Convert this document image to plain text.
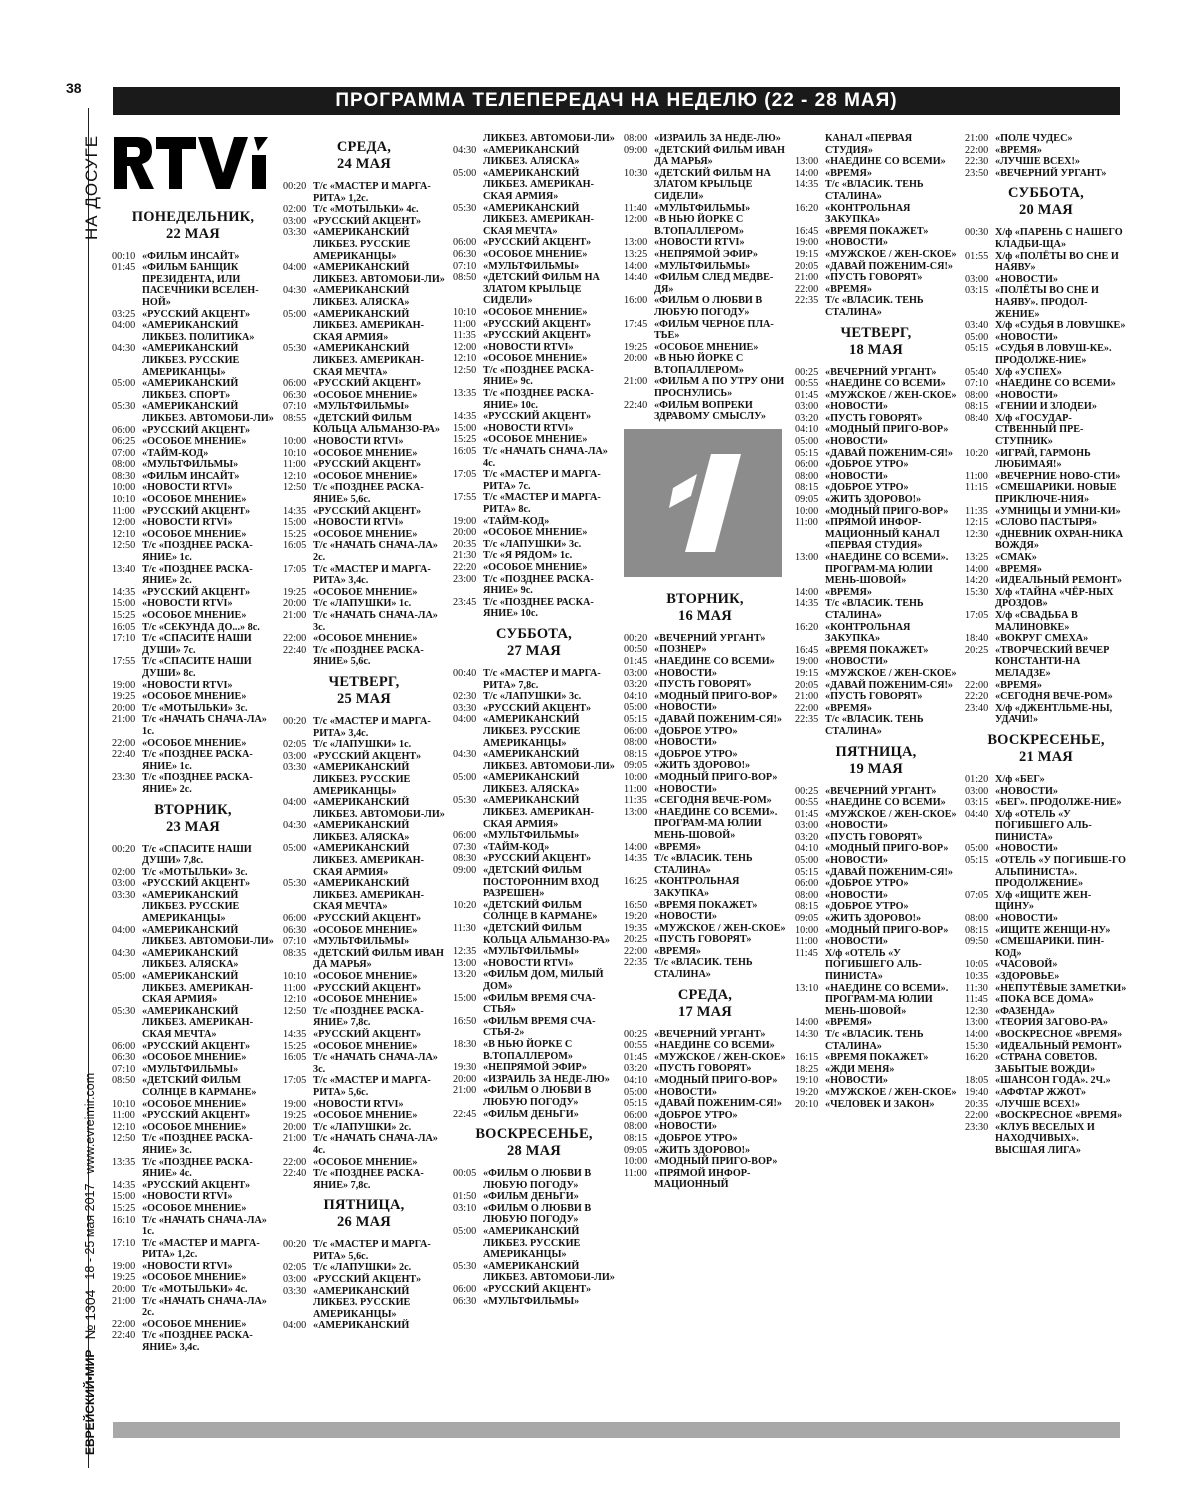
38
НА ДОСУГЕ
ЕВРЕЙСКИЙ•МИР
№ 1304
18 - 25 мая 2017
www.evreimir.com
ПРОГРАММА ТЕЛЕПЕРЕДАЧ НА НЕДЕЛЮ (22 - 28 МАЯ)
ПОНЕДЕЛЬНИК,
22 МАЯ
00:10 «ФИЛЬМ ИНСАЙТ»
01:45 «ФИЛЬМ БАНЩИК ПРЕЗИДЕНТА, ИЛИ ПАСЕЧНИКИ ВСЕЛЕН-НОЙ»
03:25 «РУССКИЙ АКЦЕНТ»
04:00 «АМЕРИКАНСКИЙ ЛИКБЕЗ. ПОЛИТИКА»
04:30 «АМЕРИКАНСКИЙ ЛИКБЕЗ. РУССКИЕ АМЕРИКАНЦЫ»
05:00 «АМЕРИКАНСКИЙ ЛИКБЕЗ. СПОРТ»
05:30 «АМЕРИКАНСКИЙ ЛИКБЕЗ. АВТОМОБИ-ЛИ»
06:00 «РУССКИЙ АКЦЕНТ»
06:25 «ОСОБОЕ МНЕНИЕ»
07:00 «ТАЙМ-КОД»
08:00 «МУЛЬТФИЛЬМЫ»
08:30 «ФИЛЬМ ИНСАЙТ»
10:00 «НОВОСТИ RTVI»
10:10 «ОСОБОЕ МНЕНИЕ»
11:00 «РУССКИЙ АКЦЕНТ»
12:00 «НОВОСТИ RTVI»
12:10 «ОСОБОЕ МНЕНИЕ»
12:50 Т/с «ПОЗДНЕЕ РАСКА-ЯНИЕ» 1с.
13:40 Т/с «ПОЗДНЕЕ РАСКА-ЯНИЕ» 2с.
14:35 «РУССКИЙ АКЦЕНТ»
15:00 «НОВОСТИ RTVI»
15:25 «ОСОБОЕ МНЕНИЕ»
16:05 Т/с «СЕКУНДА ДО...» 8с.
17:10 Т/с «СПАСИТЕ НАШИ ДУШИ» 7с.
17:55 Т/с «СПАСИТЕ НАШИ ДУШИ» 8с.
19:00 «НОВОСТИ RTVI»
19:25 «ОСОБОЕ МНЕНИЕ»
20:00 Т/с «МОТЫЛЬКИ» 3с.
21:00 Т/с «НАЧАТЬ СНАЧА-ЛА» 1с.
22:00 «ОСОБОЕ МНЕНИЕ»
22:40 Т/с «ПОЗДНЕЕ РАСКА-ЯНИЕ» 1с.
23:30 Т/с «ПОЗДНЕЕ РАСКА-ЯНИЕ» 2с.
ВТОРНИК,
23 МАЯ
00:20 Т/с «СПАСИТЕ НАШИ ДУШИ» 7,8с.
02:00 Т/с «МОТЫЛЬКИ» 3с.
03:00 «РУССКИЙ АКЦЕНТ»
03:30 «АМЕРИКАНСКИЙ ЛИКБЕЗ. РУССКИЕ АМЕРИКАНЦЫ»
04:00 «АМЕРИКАНСКИЙ ЛИКБЕЗ. АВТОМОБИ-ЛИ»
04:30 «АМЕРИКАНСКИЙ ЛИКБЕЗ. АЛЯСКА»
05:00 «АМЕРИКАНСКИЙ ЛИКБЕЗ. АМЕРИКАН-СКАЯ АРМИЯ»
05:30 «АМЕРИКАНСКИЙ ЛИКБЕЗ. АМЕРИКАН-СКАЯ МЕЧТА»
06:00 «РУССКИЙ АКЦЕНТ»
06:30 «ОСОБОЕ МНЕНИЕ»
07:10 «МУЛЬТФИЛЬМЫ»
08:50 «ДЕТСКИЙ ФИЛЬМ СОЛНЦЕ В КАРМАНЕ»
10:10 «ОСОБОЕ МНЕНИЕ»
11:00 «РУССКИЙ АКЦЕНТ»
12:10 «ОСОБОЕ МНЕНИЕ»
12:50 Т/с «ПОЗДНЕЕ РАСКА-ЯНИЕ» 3с.
13:35 Т/с «ПОЗДНЕЕ РАСКА-ЯНИЕ» 4с.
14:35 «РУССКИЙ АКЦЕНТ»
15:00 «НОВОСТИ RTVI»
15:25 «ОСОБОЕ МНЕНИЕ»
16:10 Т/с «НАЧАТЬ СНАЧА-ЛА» 1с.
17:10 Т/с «МАСТЕР И МАРГА-РИТА» 1,2с.
19:00 «НОВОСТИ RTVI»
19:25 «ОСОБОЕ МНЕНИЕ»
20:00 Т/с «МОТЫЛЬКИ» 4с.
21:00 Т/с «НАЧАТЬ СНАЧА-ЛА» 2с.
22:00 «ОСОБОЕ МНЕНИЕ»
22:40 Т/с «ПОЗДНЕЕ РАСКА-ЯНИЕ» 3,4с.
СРЕДА,
24 МАЯ
00:20 Т/с «МАСТЕР И МАРГА-РИТА» 1,2с.
02:00 Т/с «МОТЫЛЬКИ» 4с.
03:00 «РУССКИЙ АКЦЕНТ»
03:30 «АМЕРИКАНСКИЙ ЛИКБЕЗ. РУССКИЕ АМЕРИКАНЦЫ»
04:00 «АМЕРИКАНСКИЙ ЛИКБЕЗ. АВТОМОБИ-ЛИ»
04:30 «АМЕРИКАНСКИЙ ЛИКБЕЗ. АЛЯСКА»
05:00 «АМЕРИКАНСКИЙ ЛИКБЕЗ. АМЕРИКАН-СКАЯ АРМИЯ»
05:30 «АМЕРИКАНСКИЙ ЛИКБЕЗ. АМЕРИКАН-СКАЯ МЕЧТА»
06:00 «РУССКИЙ АКЦЕНТ»
06:30 «ОСОБОЕ МНЕНИЕ»
07:10 «МУЛЬТФИЛЬМЫ»
08:55 «ДЕТСКИЙ ФИЛЬМ КОЛЬЦА АЛЬМАНЗО-РА»
10:00 «НОВОСТИ RTVI»
10:10 «ОСОБОЕ МНЕНИЕ»
11:00 «РУССКИЙ АКЦЕНТ»
12:10 «ОСОБОЕ МНЕНИЕ»
12:50 Т/с «ПОЗДНЕЕ РАСКА-ЯНИЕ» 5,6с.
14:35 «РУССКИЙ АКЦЕНТ»
15:00 «НОВОСТИ RTVI»
15:25 «ОСОБОЕ МНЕНИЕ»
16:05 Т/с «НАЧАТЬ СНАЧА-ЛА» 2с.
17:05 Т/с «МАСТЕР И МАРГА-РИТА» 3,4с.
19:25 «ОСОБОЕ МНЕНИЕ»
20:00 Т/с «ЛАПУШКИ» 1с.
21:00 Т/с «НАЧАТЬ СНАЧА-ЛА» 3с.
22:00 «ОСОБОЕ МНЕНИЕ»
22:40 Т/с «ПОЗДНЕЕ РАСКА-ЯНИЕ» 5,6с.
ЧЕТВЕРГ,
25 МАЯ
00:20 Т/с «МАСТЕР И МАРГА-РИТА» 3,4с.
02:05 Т/с «ЛАПУШКИ» 1с.
03:00 «РУССКИЙ АКЦЕНТ»
03:30 «АМЕРИКАНСКИЙ ЛИКБЕЗ. РУССКИЕ АМЕРИКАНЦЫ»
04:00 «АМЕРИКАНСКИЙ ЛИКБЕЗ. АВТОМОБИ-ЛИ»
04:30 «АМЕРИКАНСКИЙ ЛИКБЕЗ. АЛЯСКА»
05:00 «АМЕРИКАНСКИЙ ЛИКБЕЗ. АМЕРИКАН-СКАЯ АРМИЯ»
05:30 «АМЕРИКАНСКИЙ ЛИКБЕЗ. АМЕРИКАН-СКАЯ МЕЧТА»
06:00 «РУССКИЙ АКЦЕНТ»
06:30 «ОСОБОЕ МНЕНИЕ»
07:10 «МУЛЬТФИЛЬМЫ»
08:35 «ДЕТСКИЙ ФИЛЬМ ИВАН ДА МАРЬЯ»
10:10 «ОСОБОЕ МНЕНИЕ»
11:00 «РУССКИЙ АКЦЕНТ»
12:10 «ОСОБОЕ МНЕНИЕ»
12:50 Т/с «ПОЗДНЕЕ РАСКА-ЯНИЕ» 7,8с.
14:35 «РУССКИЙ АКЦЕНТ»
15:25 «ОСОБОЕ МНЕНИЕ»
16:05 Т/с «НАЧАТЬ СНАЧА-ЛА» 3с.
17:05 Т/с «МАСТЕР И МАРГА-РИТА» 5,6с.
19:00 «НОВОСТИ RTVI»
19:25 «ОСОБОЕ МНЕНИЕ»
20:00 Т/с «ЛАПУШКИ» 2с.
21:00 Т/с «НАЧАТЬ СНАЧА-ЛА» 4с.
22:00 «ОСОБОЕ МНЕНИЕ»
22:40 Т/с «ПОЗДНЕЕ РАСКА-ЯНИЕ» 7,8с.
ПЯТНИЦА,
26 МАЯ
00:20 Т/с «МАСТЕР И МАРГА-РИТА» 5,6с.
02:05 Т/с «ЛАПУШКИ» 2с.
03:00 «РУССКИЙ АКЦЕНТ»
03:30 «АМЕРИКАНСКИЙ ЛИКБЕЗ. РУССКИЕ АМЕРИКАНЦЫ»
04:00 «АМЕРИКАНСКИЙ
ЛИКБЕЗ. АВТОМОБИ-ЛИ»
04:30 «АМЕРИКАНСКИЙ ЛИКБЕЗ. АЛЯСКА»
05:00 «АМЕРИКАНСКИЙ ЛИКБЕЗ. АМЕРИКАН-СКАЯ АРМИЯ»
05:30 «АМЕРИКАНСКИЙ ЛИКБЕЗ. АМЕРИКАН-СКАЯ МЕЧТА»
06:00 «РУССКИЙ АКЦЕНТ»
06:30 «ОСОБОЕ МНЕНИЕ»
07:10 «МУЛЬТФИЛЬМЫ»
08:50 «ДЕТСКИЙ ФИЛЬМ НА ЗЛАТОМ КРЫЛЬЦЕ СИДЕЛИ»
10:10 «ОСОБОЕ МНЕНИЕ»
11:00 «РУССКИЙ АКЦЕНТ»
11:35 «РУССКИЙ АКЦЕНТ»
12:00 «НОВОСТИ RTVI»
12:10 «ОСОБОЕ МНЕНИЕ»
12:50 Т/с «ПОЗДНЕЕ РАСКА-ЯНИЕ» 9с.
13:35 Т/с «ПОЗДНЕЕ РАСКА-ЯНИЕ» 10с.
14:35 «РУССКИЙ АКЦЕНТ»
15:00 «НОВОСТИ RTVI»
15:25 «ОСОБОЕ МНЕНИЕ»
16:05 Т/с «НАЧАТЬ СНАЧА-ЛА» 4с.
17:05 Т/с «МАСТЕР И МАРГА-РИТА» 7с.
17:55 Т/с «МАСТЕР И МАРГА-РИТА» 8с.
19:00 «ТАЙМ-КОД»
20:00 «ОСОБОЕ МНЕНИЕ»
20:35 Т/с «ЛАПУШКИ» 3с.
21:30 Т/с «Я РЯДОМ» 1с.
22:20 «ОСОБОЕ МНЕНИЕ»
23:00 Т/с «ПОЗДНЕЕ РАСКА-ЯНИЕ» 9с.
23:45 Т/с «ПОЗДНЕЕ РАСКА-ЯНИЕ» 10с.
СУББОТА,
27 МАЯ
00:40 Т/с «МАСТЕР И МАРГА-РИТА» 7,8с.
02:30 Т/с «ЛАПУШКИ» 3с.
03:30 «РУССКИЙ АКЦЕНТ»
04:00 «АМЕРИКАНСКИЙ ЛИКБЕЗ. РУССКИЕ АМЕРИКАНЦЫ»
04:30 «АМЕРИКАНСКИЙ ЛИКБЕЗ. АВТОМОБИ-ЛИ»
05:00 «АМЕРИКАНСКИЙ ЛИКБЕЗ. АЛЯСКА»
05:30 «АМЕРИКАНСКИЙ ЛИКБЕЗ. АМЕРИКАН-СКАЯ АРМИЯ»
06:00 «МУЛЬТФИЛЬМЫ»
07:30 «ТАЙМ-КОД»
08:30 «РУССКИЙ АКЦЕНТ»
09:00 «ДЕТСКИЙ ФИЛЬМ ПОСТОРОННИМ ВХОД РАЗРЕШЕН»
10:20 «ДЕТСКИЙ ФИЛЬМ СОЛНЦЕ В КАРМАНЕ»
11:30 «ДЕТСКИЙ ФИЛЬМ КОЛЬЦА АЛЬМАНЗО-РА»
12:35 «МУЛЬТФИЛЬМЫ»
13:00 «НОВОСТИ RTVI»
13:20 «ФИЛЬМ ДОМ, МИЛЫЙ ДОМ»
15:00 «ФИЛЬМ ВРЕМЯ СЧА-СТЬЯ»
16:50 «ФИЛЬМ ВРЕМЯ СЧА-СТЬЯ-2»
18:30 «В НЬЮ ЙОРКЕ С В.ТОПАЛЛЕРОМ»
19:30 «НЕПРЯМОЙ ЭФИР»
20:00 «ИЗРАИЛЬ ЗА НЕДЕ-ЛЮ»
21:00 «ФИЛЬМ О ЛЮБВИ В ЛЮБУЮ ПОГОДУ»
22:45 «ФИЛЬМ ДЕНЬГИ»
ВОСКРЕСЕНЬЕ,
28 МАЯ
00:05 «ФИЛЬМ О ЛЮБВИ В ЛЮБУЮ ПОГОДУ»
01:50 «ФИЛЬМ ДЕНЬГИ»
03:10 «ФИЛЬМ О ЛЮБВИ В ЛЮБУЮ ПОГОДУ»
05:00 «АМЕРИКАНСКИЙ ЛИКБЕЗ. РУССКИЕ АМЕРИКАНЦЫ»
05:30 «АМЕРИКАНСКИЙ ЛИКБЕЗ. АВТОМОБИ-ЛИ»
06:00 «РУССКИЙ АКЦЕНТ»
06:30 «МУЛЬТФИЛЬМЫ»
08:00 «ИЗРАИЛЬ ЗА НЕДЕ-ЛЮ»
09:00 «ДЕТСКИЙ ФИЛЬМ ИВАН ДА МАРЬЯ»
10:30 «ДЕТСКИЙ ФИЛЬМ НА ЗЛАТОМ КРЫЛЬЦЕ СИДЕЛИ»
11:40 «МУЛЬТФИЛЬМЫ»
12:00 «В НЬЮ ЙОРКЕ С В.ТОПАЛЛЕРОМ»
13:00 «НОВОСТИ RTVI»
13:25 «НЕПРЯМОЙ ЭФИР»
14:00 «МУЛЬТФИЛЬМЫ»
14:40 «ФИЛЬМ СЛЕД МЕДВЕ-ДЯ»
16:00 «ФИЛЬМ О ЛЮБВИ В ЛЮБУЮ ПОГОДУ»
17:45 «ФИЛЬМ ЧЕРНОЕ ПЛА-ТЬЕ»
19:25 «ОСОБОЕ МНЕНИЕ»
20:00 «В НЬЮ ЙОРКЕ С В.ТОПАЛЛЕРОМ»
21:00 «ФИЛЬМ А ПО УТРУ ОНИ ПРОСНУЛИСЬ»
22:40 «ФИЛЬМ ВОПРЕКИ ЗДРАВОМУ СМЫСЛУ»
ВТОРНИК,
16 МАЯ
00:20 «ВЕЧЕРНИЙ УРГАНТ»
00:50 «ПОЗНЕР»
01:45 «НАЕДИНЕ СО ВСЕМИ»
03:00 «НОВОСТИ»
03:20 «ПУСТЬ ГОВОРЯТ»
04:10 «МОДНЫЙ ПРИГО-ВОР»
05:00 «НОВОСТИ»
05:15 «ДАВАЙ ПОЖЕНИМ-СЯ!»
06:00 «ДОБРОЕ УТРО»
08:00 «НОВОСТИ»
08:15 «ДОБРОЕ УТРО»
09:05 «ЖИТЬ ЗДОРОВО!»
10:00 «МОДНЫЙ ПРИГО-ВОР»
11:00 «НОВОСТИ»
11:35 «СЕГОДНЯ ВЕЧЕ-РОМ»
13:00 «НАЕДИНЕ СО ВСЕМИ». ПРОГРАМ-МА ЮЛИИ МЕНЬ-ШОВОЙ»
14:00 «ВРЕМЯ»
14:35 Т/с «ВЛАСИК. ТЕНЬ СТАЛИНА»
16:25 «КОНТРОЛЬНАЯ ЗАКУПКА»
16:50 «ВРЕМЯ ПОКАЖЕТ»
19:20 «НОВОСТИ»
19:35 «МУЖСКОЕ / ЖЕН-СКОЕ»
20:25 «ПУСТЬ ГОВОРЯТ»
22:00 «ВРЕМЯ»
22:35 Т/с «ВЛАСИК. ТЕНЬ СТАЛИНА»
СРЕДА,
17 МАЯ
00:25 «ВЕЧЕРНИЙ УРГАНТ»
00:55 «НАЕДИНЕ СО ВСЕМИ»
01:45 «МУЖСКОЕ / ЖЕН-СКОЕ»
03:20 «ПУСТЬ ГОВОРЯТ»
04:10 «МОДНЫЙ ПРИГО-ВОР»
05:00 «НОВОСТИ»
05:15 «ДАВАЙ ПОЖЕНИМ-СЯ!»
06:00 «ДОБРОЕ УТРО»
08:00 «НОВОСТИ»
08:15 «ДОБРОЕ УТРО»
09:05 «ЖИТЬ ЗДОРОВО!»
10:00 «МОДНЫЙ ПРИГО-ВОР»
11:00 «ПРЯМОЙ ИНФОР-МАЦИОННЫЙ
КАНАЛ «ПЕРВАЯ СТУДИЯ»
13:00 «НАЕДИНЕ СО ВСЕМИ»
14:00 «ВРЕМЯ»
14:35 Т/с «ВЛАСИК. ТЕНЬ СТАЛИНА»
16:20 «КОНТРОЛЬНАЯ ЗАКУПКА»
16:45 «ВРЕМЯ ПОКАЖЕТ»
19:00 «НОВОСТИ»
19:15 «МУЖСКОЕ / ЖЕН-СКОЕ»
20:05 «ДАВАЙ ПОЖЕНИМ-СЯ!»
21:00 «ПУСТЬ ГОВОРЯТ»
22:00 «ВРЕМЯ»
22:35 Т/с «ВЛАСИК. ТЕНЬ СТАЛИНА»
ЧЕТВЕРГ,
18 МАЯ
00:25 «ВЕЧЕРНИЙ УРГАНТ»
00:55 «НАЕДИНЕ СО ВСЕМИ»
01:45 «МУЖСКОЕ / ЖЕН-СКОЕ»
03:00 «НОВОСТИ»
03:20 «ПУСТЬ ГОВОРЯТ»
04:10 «МОДНЫЙ ПРИГО-ВОР»
05:00 «НОВОСТИ»
05:15 «ДАВАЙ ПОЖЕНИМ-СЯ!»
06:00 «ДОБРОЕ УТРО»
08:00 «НОВОСТИ»
08:15 «ДОБРОЕ УТРО»
09:05 «ЖИТЬ ЗДОРОВО!»
10:00 «МОДНЫЙ ПРИГО-ВОР»
11:00 «ПРЯМОЙ ИНФОР-МАЦИОННЫЙ КАНАЛ «ПЕРВАЯ СТУДИЯ»
13:00 «НАЕДИНЕ СО ВСЕМИ». ПРОГРАМ-МА ЮЛИИ МЕНЬ-ШОВОЙ»
14:00 «ВРЕМЯ»
14:35 Т/с «ВЛАСИК. ТЕНЬ СТАЛИНА»
16:20 «КОНТРОЛЬНАЯ ЗАКУПКА»
16:45 «ВРЕМЯ ПОКАЖЕТ»
19:00 «НОВОСТИ»
19:15 «МУЖСКОЕ / ЖЕН-СКОЕ»
20:05 «ДАВАЙ ПОЖЕНИМ-СЯ!»
21:00 «ПУСТЬ ГОВОРЯТ»
22:00 «ВРЕМЯ»
22:35 Т/с «ВЛАСИК. ТЕНЬ СТАЛИНА»
ПЯТНИЦА,
19 МАЯ
00:25 «ВЕЧЕРНИЙ УРГАНТ»
00:55 «НАЕДИНЕ СО ВСЕМИ»
01:45 «МУЖСКОЕ / ЖЕН-СКОЕ»
03:00 «НОВОСТИ»
03:20 «ПУСТЬ ГОВОРЯТ»
04:10 «МОДНЫЙ ПРИГО-ВОР»
05:00 «НОВОСТИ»
05:15 «ДАВАЙ ПОЖЕНИМ-СЯ!»
06:00 «ДОБРОЕ УТРО»
08:00 «НОВОСТИ»
08:15 «ДОБРОЕ УТРО»
09:05 «ЖИТЬ ЗДОРОВО!»
10:00 «МОДНЫЙ ПРИГО-ВОР»
11:00 «НОВОСТИ»
11:45 Х/ф «ОТЕЛЬ «У ПОГИБШЕГО АЛЬ-ПИНИСТА»
13:10 «НАЕДИНЕ СО ВСЕМИ». ПРОГРАМ-МА ЮЛИИ МЕНЬ-ШОВОЙ»
14:00 «ВРЕМЯ»
14:30 Т/с «ВЛАСИК. ТЕНЬ СТАЛИНА»
16:15 «ВРЕМЯ ПОКАЖЕТ»
18:25 «ЖДИ МЕНЯ»
19:10 «НОВОСТИ»
19:20 «МУЖСКОЕ / ЖЕН-СКОЕ»
20:10 «ЧЕЛОВЕК И ЗАКОН»
21:00 «ПОЛЕ ЧУДЕС»
22:00 «ВРЕМЯ»
22:30 «ЛУЧШЕ ВСЕХ!»
23:50 «ВЕЧЕРНИЙ УРГАНТ»
СУББОТА,
20 МАЯ
00:30 Х/ф «ПАРЕНЬ С НАШЕГО КЛАДБИ-ЩА»
01:55 Х/ф «ПОЛЁТЫ ВО СНЕ И НАЯВУ»
03:00 «НОВОСТИ»
03:15 «ПОЛЁТЫ ВО СНЕ И НАЯВУ». ПРОДОЛ-ЖЕНИЕ»
03:40 Х/ф «СУДЬЯ В ЛОВУШКЕ»
05:00 «НОВОСТИ»
05:15 «СУДЬЯ В ЛОВУШ-КЕ». ПРОДОЛЖЕ-НИЕ»
05:40 Х/ф «УСПЕХ»
07:10 «НАЕДИНЕ СО ВСЕМИ»
08:00 «НОВОСТИ»
08:15 «ГЕНИИ И ЗЛОДЕИ»
08:40 Х/ф «ГОСУДАР-СТВЕННЫЙ ПРЕ-СТУПНИК»
10:20 «ИГРАЙ, ГАРМОНЬ ЛЮБИМАЯ!»
11:00 «ВЕЧЕРНИЕ НОВО-СТИ»
11:15 «СМЕШАРИКИ. НОВЫЕ ПРИКЛЮЧЕ-НИЯ»
11:35 «УМНИЦЫ И УМНИ-КИ»
12:15 «СЛОВО ПАСТЫРЯ»
12:30 «ДНЕВНИК ОХРАН-НИКА ВОЖДЯ»
13:25 «СМАК»
14:00 «ВРЕМЯ»
14:20 «ИДЕАЛЬНЫЙ РЕМОНТ»
15:30 Х/ф «ТАЙНА «ЧЁР-НЫХ ДРОЗДОВ»
17:05 Х/ф «СВАДЬБА В МАЛИНОВКЕ»
18:40 «ВОКРУГ СМЕХА»
20:25 «ТВОРЧЕСКИЙ ВЕЧЕР КОНСТАНТИ-НА МЕЛАДЗЕ»
22:00 «ВРЕМЯ»
22:20 «СЕГОДНЯ ВЕЧЕ-РОМ»
23:40 Х/ф «ДЖЕНТЛЬМЕ-НЫ, УДАЧИ!»
ВОСКРЕСЕНЬЕ,
21 МАЯ
01:20 Х/ф «БЕГ»
03:00 «НОВОСТИ»
03:15 «БЕГ». ПРОДОЛЖЕ-НИЕ»
04:40 Х/ф «ОТЕЛЬ «У ПОГИБШЕГО АЛЬ-ПИНИСТА»
05:00 «НОВОСТИ»
05:15 «ОТЕЛЬ «У ПОГИБШЕ-ГО АЛЬПИНИСТА». ПРОДОЛЖЕНИЕ»
07:05 Х/ф «ИЩИТЕ ЖЕН-ЩИНУ»
08:00 «НОВОСТИ»
08:15 «ИЩИТЕ ЖЕНЩИ-НУ»
09:50 «СМЕШАРИКИ. ПИН-КОД»
10:05 «ЧАСОВОЙ»
10:35 «ЗДОРОВЬЕ»
11:30 «НЕПУТЁВЫЕ ЗАМЕТКИ»
11:45 «ПОКА ВСЕ ДОМА»
12:30 «ФАЗЕНДА»
13:00 «ТЕОРИЯ ЗАГОВО-РА»
14:00 «ВОСКРЕСНОЕ «ВРЕМЯ»
15:30 «ИДЕАЛЬНЫЙ РЕМОНТ»
16:20 «СТРАНА СОВЕТОВ. ЗАБЫТЫЕ ВОЖДИ»
18:05 «ШАНСОН ГОДА». 2Ч.»
19:40 «АФФТАР ЖЖОТ»
20:35 «ЛУЧШЕ ВСЕХ!»
22:00 «ВОСКРЕСНОЕ «ВРЕМЯ»
23:30 «КЛУБ ВЕСЕЛЫХ И НАХОДЧИВЫХ». ВЫСШАЯ ЛИГА»
